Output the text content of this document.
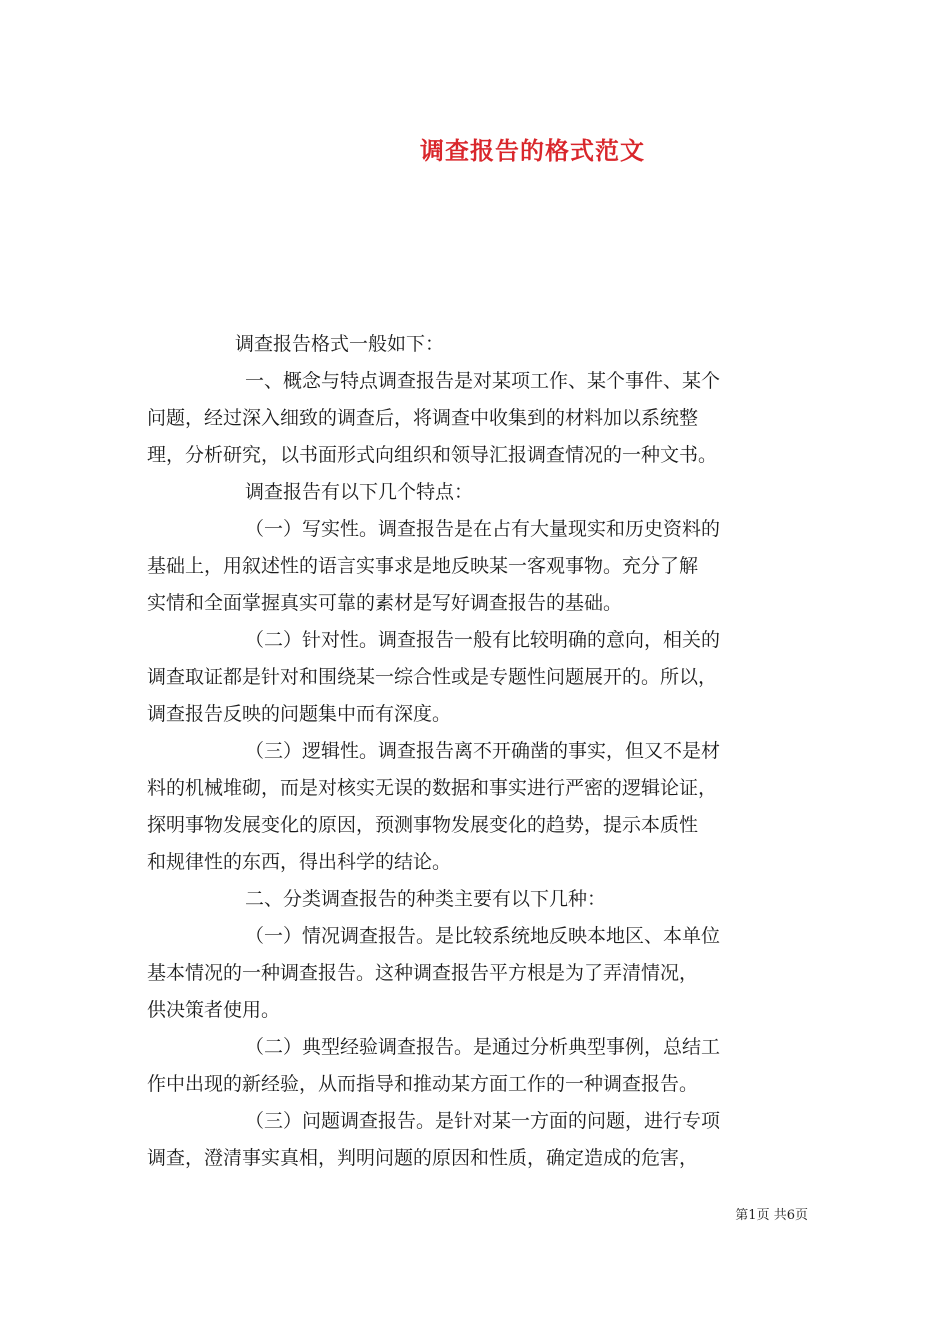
调查报告的格式范文
调查报告格式一般如下：
一、概念与特点调查报告是对某项工作、某个事件、某个
问题，经过深入细致的调查后，将调查中收集到的材料加以系统整
理，分析研究，以书面形式向组织和领导汇报调查情况的一种文书。
调查报告有以下几个特点：
（一）写实性。调查报告是在占有大量现实和历史资料的
基础上，用叙述性的语言实事求是地反映某一客观事物。充分了解
实情和全面掌握真实可靠的素材是写好调查报告的基础。
（二）针对性。调查报告一般有比较明确的意向，相关的
调查取证都是针对和围绕某一综合性或是专题性问题展开的。所以，
调查报告反映的问题集中而有深度。
（三）逻辑性。调查报告离不开确凿的事实，但又不是材
料的机械堆砌，而是对核实无误的数据和事实进行严密的逻辑论证，
探明事物发展变化的原因，预测事物发展变化的趋势，提示本质性
和规律性的东西，得出科学的结论。
二、分类调查报告的种类主要有以下几种：
（一）情况调查报告。是比较系统地反映本地区、本单位
基本情况的一种调查报告。这种调查报告平方根是为了弄清情况，
供决策者使用。
（二）典型经验调查报告。是通过分析典型事例，总结工
作中出现的新经验，从而指导和推动某方面工作的一种调查报告。
（三）问题调查报告。是针对某一方面的问题，进行专项
调查，澄清事实真相，判明问题的原因和性质，确定造成的危害，
第1页 共6页
